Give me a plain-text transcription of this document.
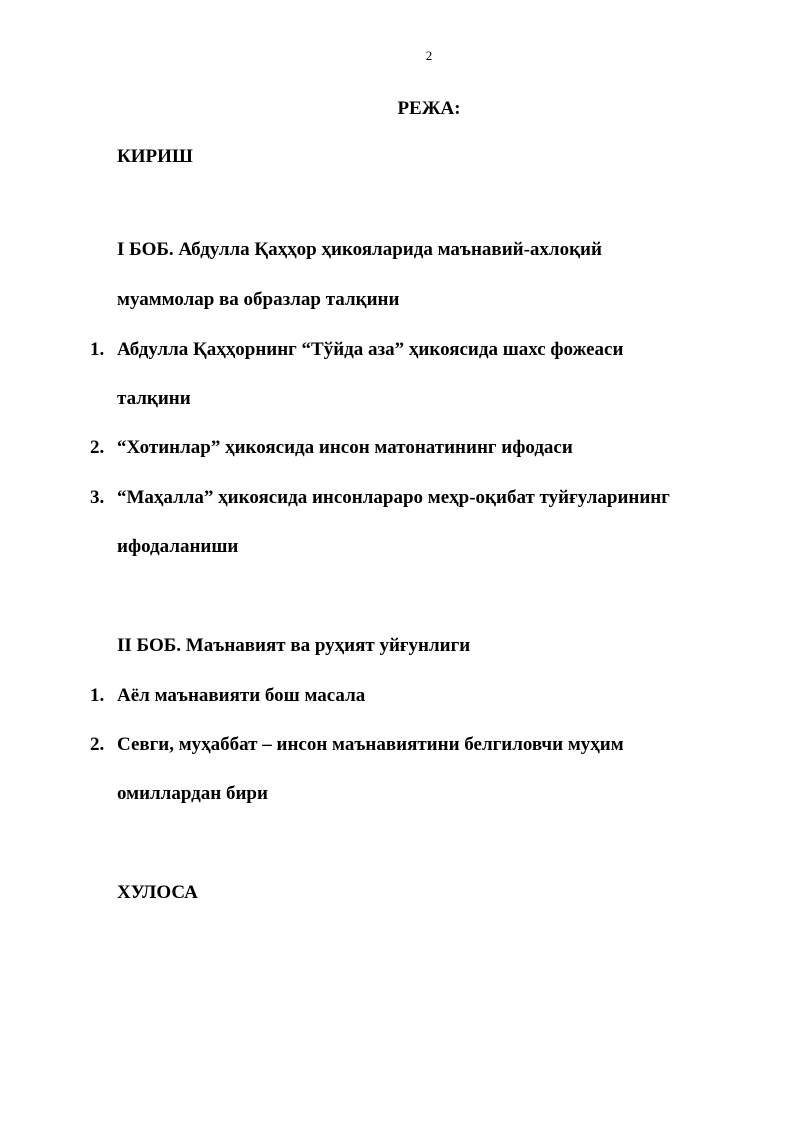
2
РЕЖА:
КИРИШ
I БОБ. Абдулла Қаҳҳор ҳикояларида маънавий-ахлоқий
муаммолар ва образлар талқини
1. Абдулла Қаҳҳорнинг “Тўйда аза” ҳикоясида шахс фожеаси
талқини
2. “Хотинлар” ҳикоясида инсон матонатининг ифодаси
3. “Маҳалла” ҳикоясида инсонлараро меҳр-оқибат туйғуларининг
ифодаланиши
II БОБ. Маънавият ва руҳият уйғунлиги
1. Аёл маънавияти бош масала
2. Севги, муҳаббат – инсон маънавиятини белгиловчи муҳим
омиллардан бири
ХУЛОСА
